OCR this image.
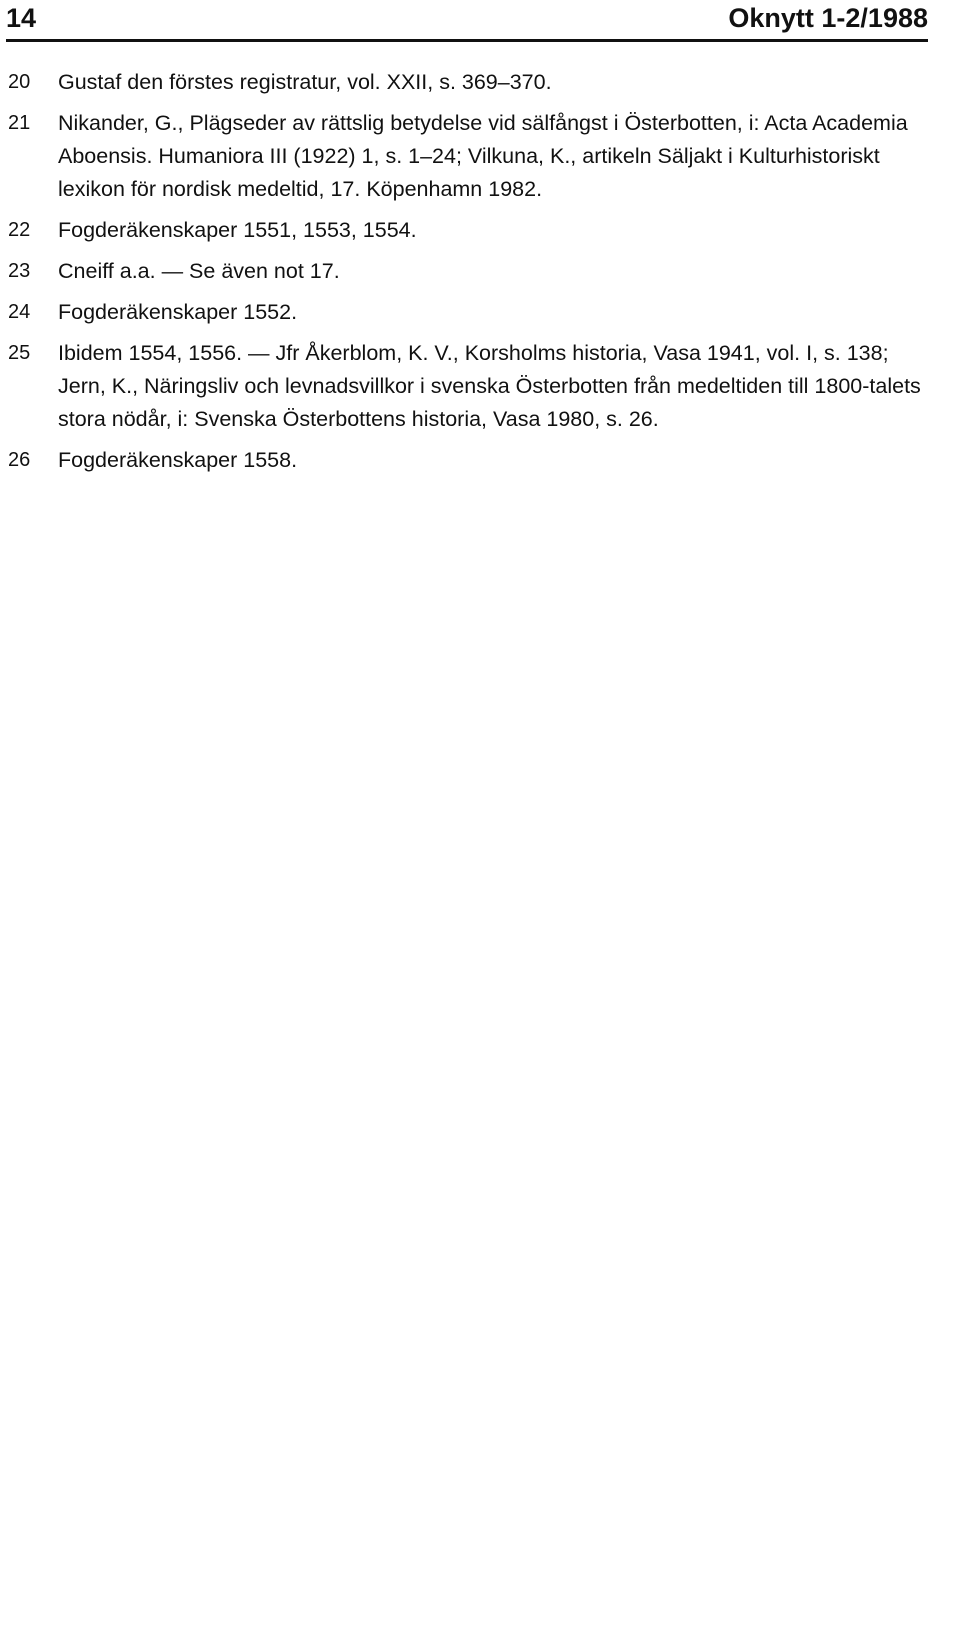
14	Oknytt 1-2/1988
20	Gustaf den förstes registratur, vol. XXII, s. 369–370.
21	Nikander, G., Plägseder av rättslig betydelse vid sälfångst i Österbotten, i: Acta Academia Aboensis. Humaniora III (1922) 1, s. 1–24; Vilkuna, K., artikeln Säljakt i Kulturhistoriskt lexikon för nordisk medeltid, 17. Köpenhamn 1982.
22	Fogderäkenskaper 1551, 1553, 1554.
23	Cneiff a.a. — Se även not 17.
24	Fogderäkenskaper 1552.
25	Ibidem 1554, 1556. — Jfr Åkerblom, K. V., Korsholms historia, Vasa 1941, vol. I, s. 138; Jern, K., Näringsliv och levnadsvillkor i svenska Österbotten från medeltiden till 1800-talets stora nödår, i: Svenska Österbottens historia, Vasa 1980, s. 26.
26	Fogderäkenskaper 1558.
